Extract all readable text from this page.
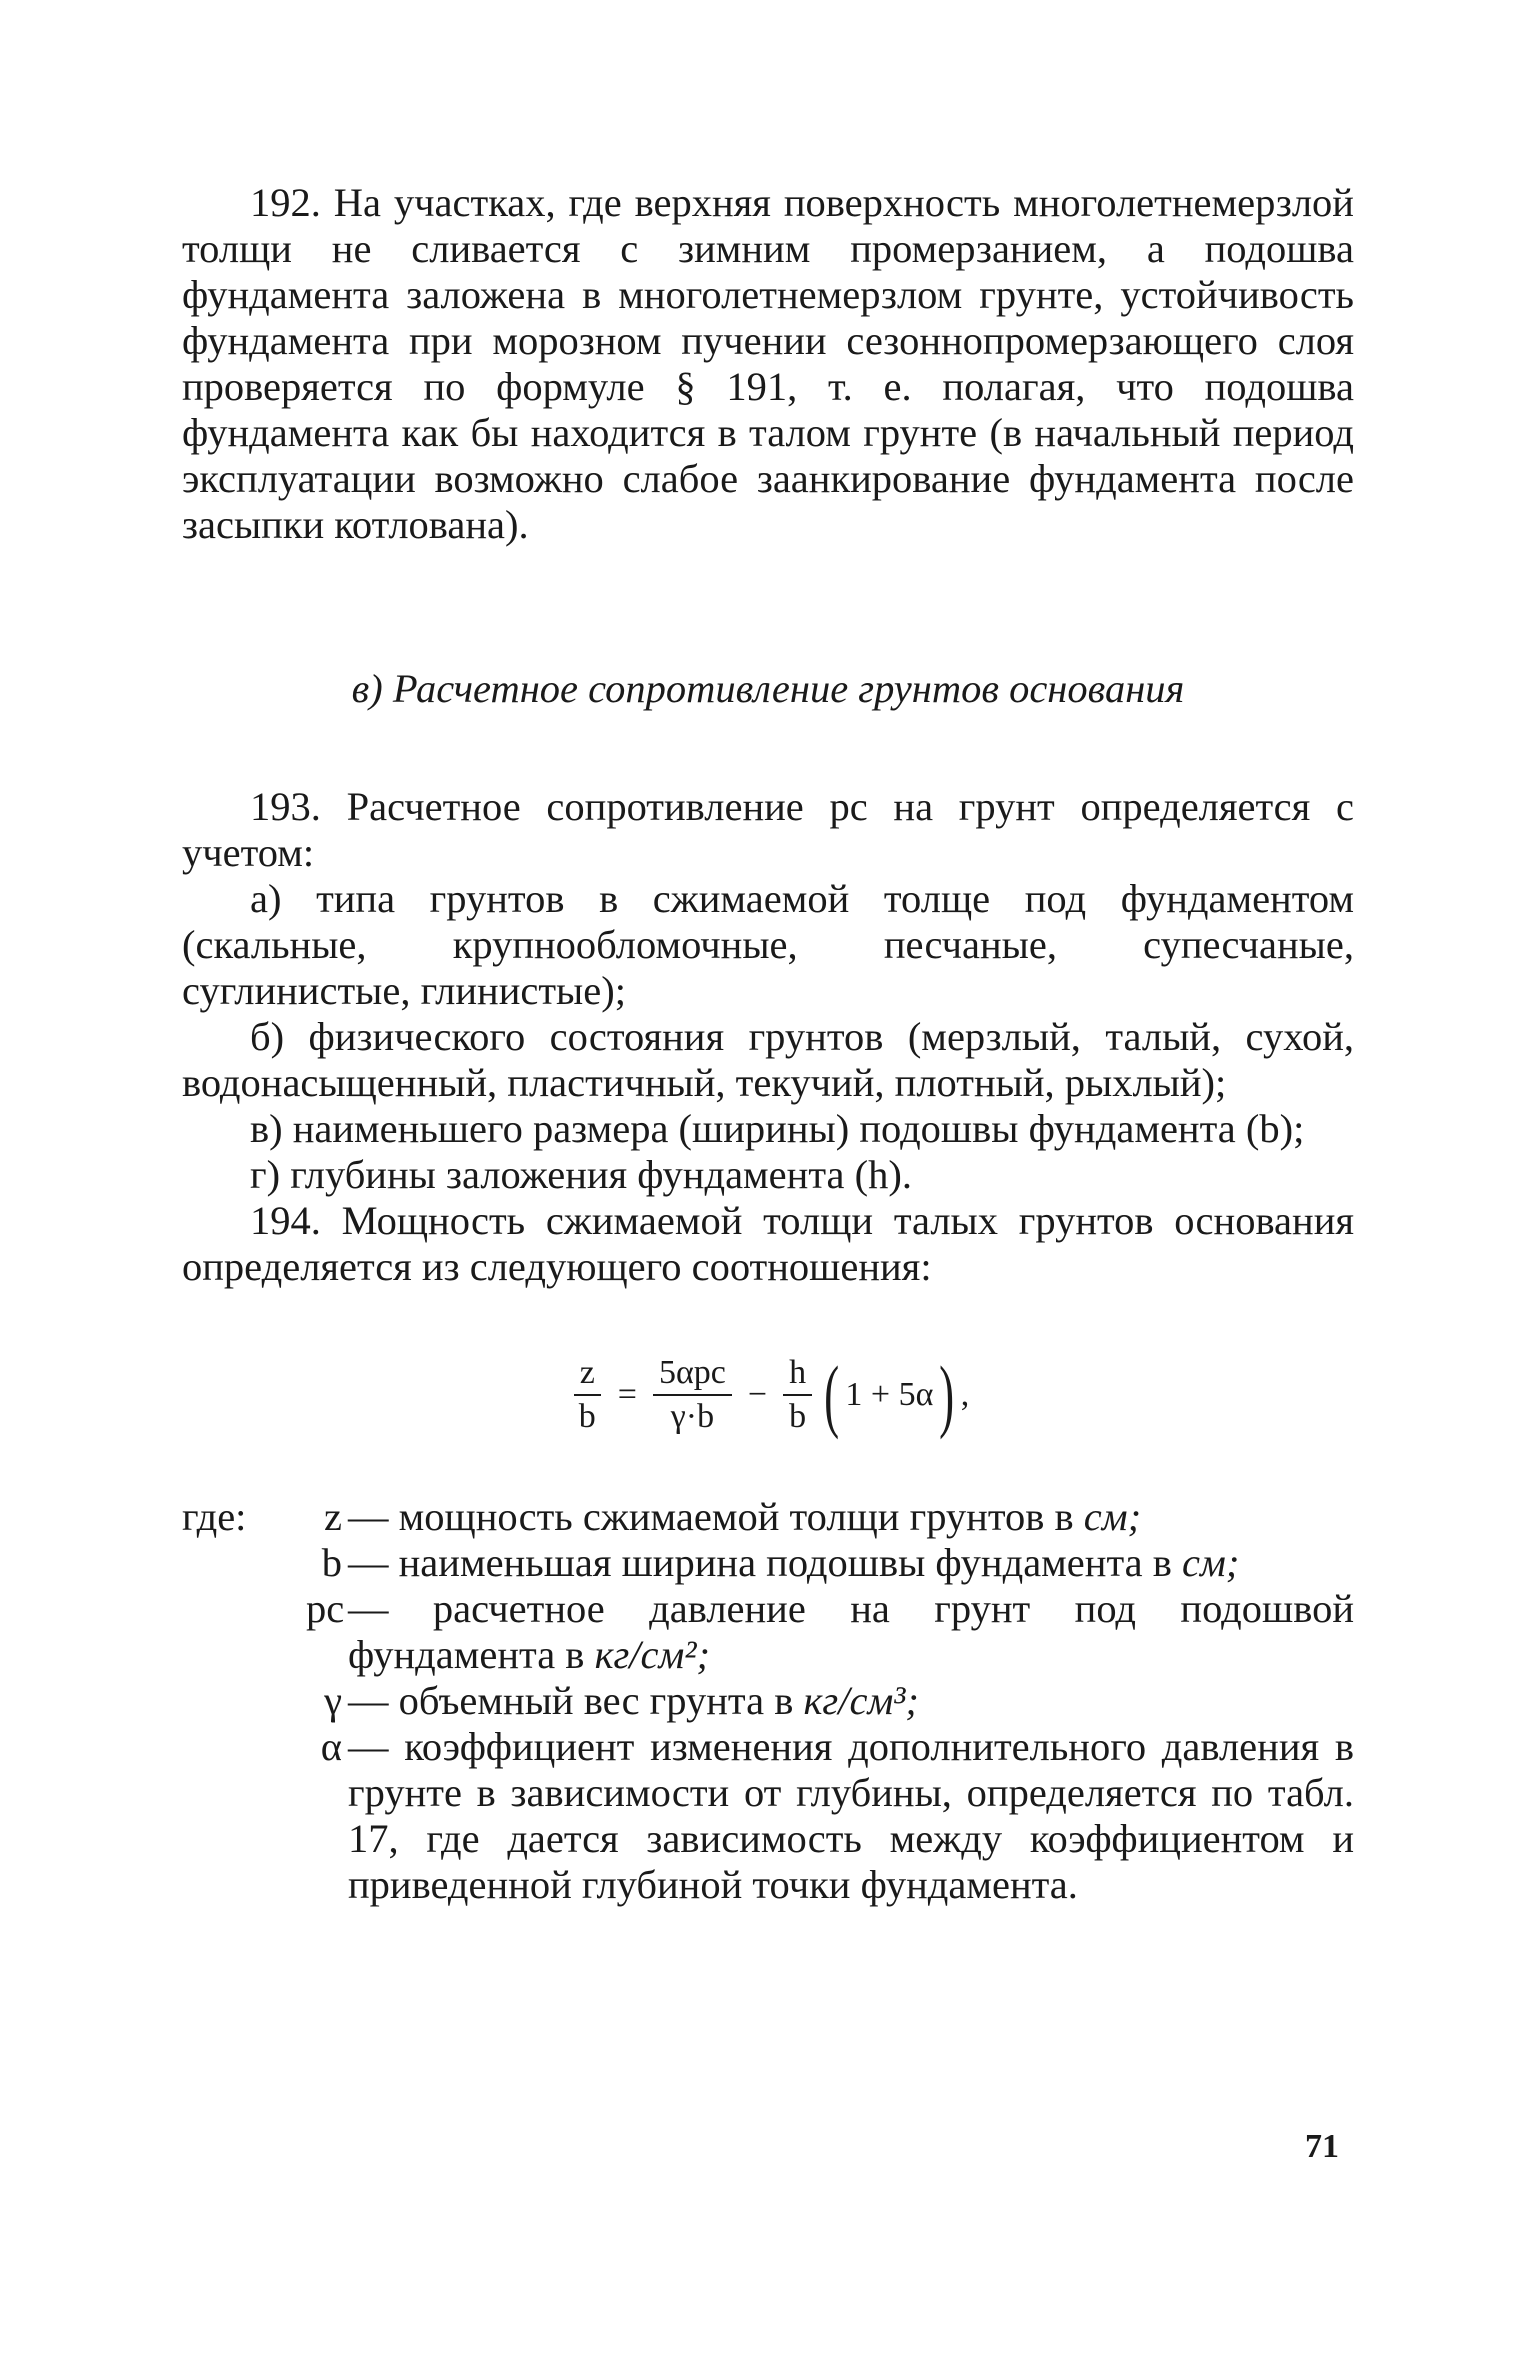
192. На участках, где верхняя поверхность многолетнемерзлой толщи не сливается с зимним промерзанием, а подошва фундамента заложена в многолетнемерзлом грунте, устойчивость фундамента при морозном пучении сезоннопромерзающего слоя проверяется по формуле § 191, т. е. полагая, что подошва фундамента как бы находится в талом грунте (в начальный период эксплуатации возможно слабое заанкирование фундамента после засыпки котлована).

в) Расчетное сопротивление грунтов основания

193. Расчетное сопротивление pс на грунт определяется с учетом:

а) типа грунтов в сжимаемой толще под фундаментом (скальные, крупнообломочные, песчаные, супесчаные, суглинистые, глинистые);

б) физического состояния грунтов (мерзлый, талый, сухой, водонасыщенный, пластичный, текучий, плотный, рыхлый);

в) наименьшего размера (ширины) подошвы фундамента (b);

г) глубины заложения фундамента (h).

194. Мощность сжимаемой толщи талых грунтов основания определяется из следующего соотношения:

$\frac{z}{b} = \frac{\text{5αpс}}{\gamma\cdot b} - \frac{h}{b}$ ( 1 + 5α ) ,
где:	z — мощность сжимаемой толщи грунтов в см;
b — наименьшая ширина подошвы фундамента в см;
pс — расчетное давление на грунт под подошвой фундамента в кг/см²;
γ — объемный вес грунта в кг/см³;
α — коэффициент изменения дополнительного давления в грунте в зависимости от глубины, определяется по табл. 17, где дается зависимость между коэффициентом и приведенной глубиной точки фундамента.
71
